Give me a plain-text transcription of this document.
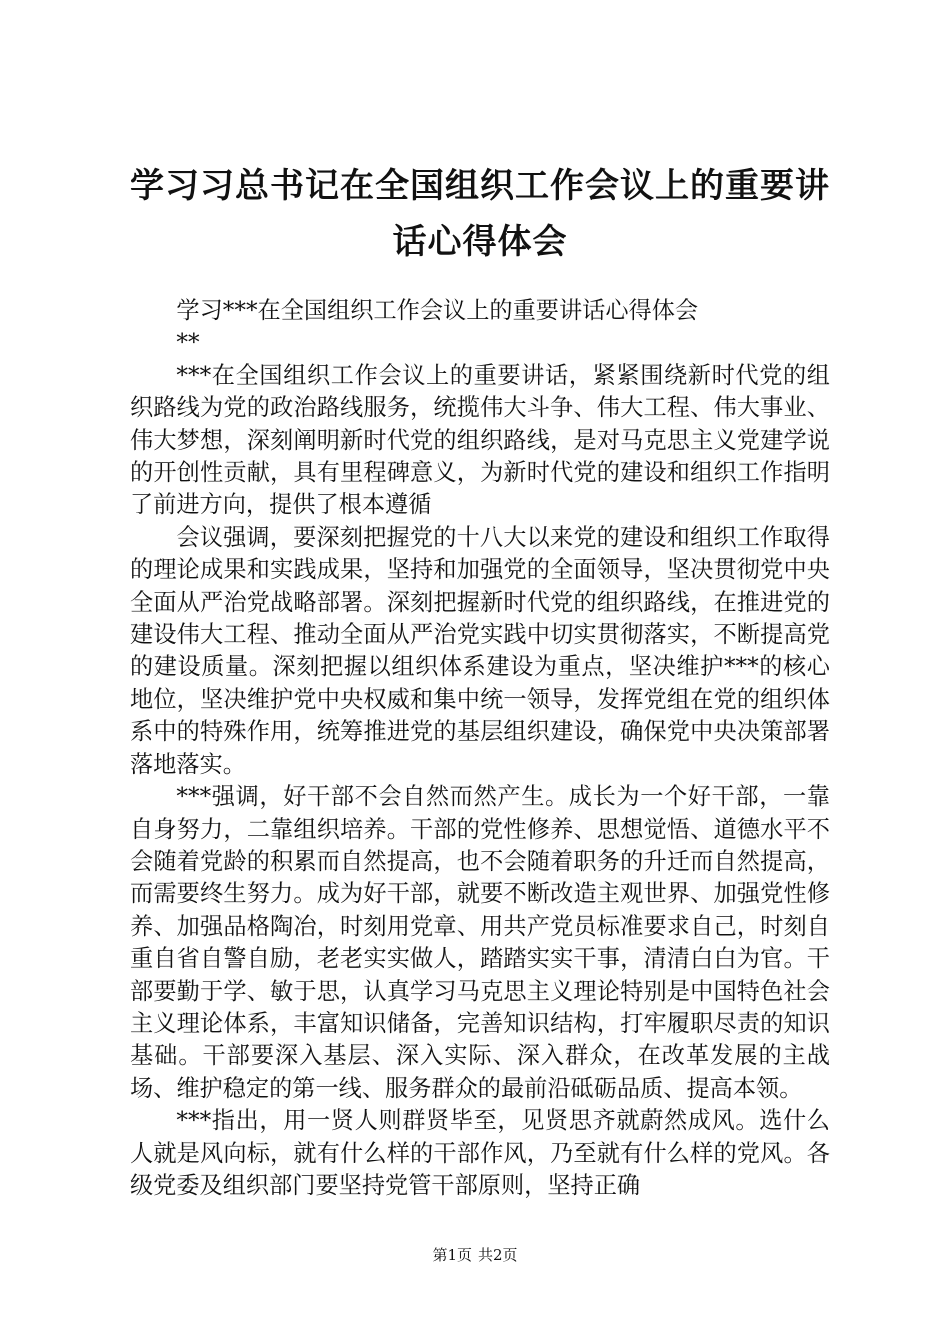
学习习总书记在全国组织工作会议上的重要讲话心得体会

学习***在全国组织工作会议上的重要讲话心得体会

**

***在全国组织工作会议上的重要讲话，紧紧围绕新时代党的组织路线为党的政治路线服务，统揽伟大斗争、伟大工程、伟大事业、伟大梦想，深刻阐明新时代党的组织路线，是对马克思主义党建学说的开创性贡献，具有里程碑意义，为新时代党的建设和组织工作指明了前进方向，提供了根本遵循

会议强调，要深刻把握党的十八大以来党的建设和组织工作取得的理论成果和实践成果，坚持和加强党的全面领导，坚决贯彻党中央全面从严治党战略部署。深刻把握新时代党的组织路线，在推进党的建设伟大工程、推动全面从严治党实践中切实贯彻落实，不断提高党的建设质量。深刻把握以组织体系建设为重点，坚决维护***的核心地位，坚决维护党中央权威和集中统一领导，发挥党组在党的组织体系中的特殊作用，统筹推进党的基层组织建设，确保党中央决策部署落地落实。

***强调，好干部不会自然而然产生。成长为一个好干部，一靠自身努力，二靠组织培养。干部的党性修养、思想觉悟、道德水平不会随着党龄的积累而自然提高，也不会随着职务的升迁而自然提高，而需要终生努力。成为好干部，就要不断改造主观世界、加强党性修养、加强品格陶冶，时刻用党章、用共产党员标准要求自己，时刻自重自省自警自励，老老实实做人，踏踏实实干事，清清白白为官。干部要勤于学、敏于思，认真学习马克思主义理论特别是中国特色社会主义理论体系，丰富知识储备，完善知识结构，打牢履职尽责的知识基础。干部要深入基层、深入实际、深入群众，在改革发展的主战场、维护稳定的第一线、服务群众的最前沿砥砺品质、提高本领。

***指出，用一贤人则群贤毕至，见贤思齐就蔚然成风。选什么人就是风向标，就有什么样的干部作风，乃至就有什么样的党风。各级党委及组织部门要坚持党管干部原则，坚持正确

第1页 共2页
